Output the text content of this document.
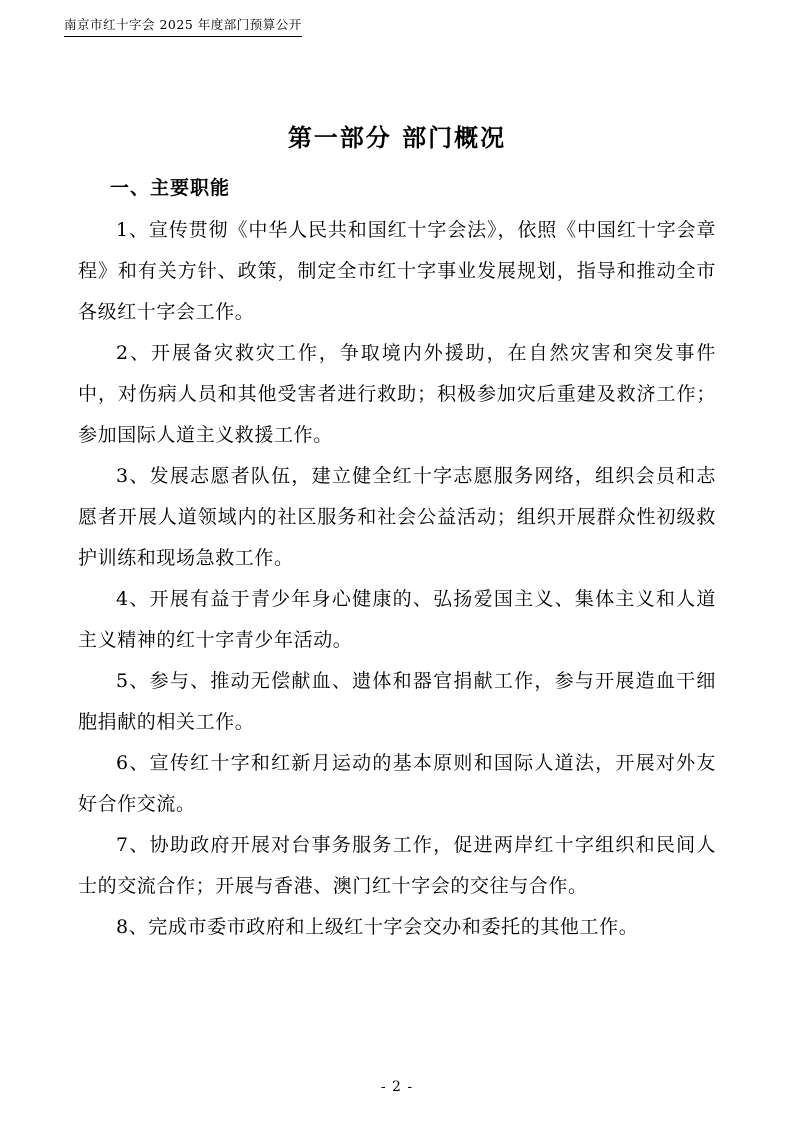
南京市红十字会 2025 年度部门预算公开
第一部分 部门概况
一、主要职能

1、宣传贯彻《中华人民共和国红十字会法》，依照《中国红十字会章程》和有关方针、政策，制定全市红十字事业发展规划，指导和推动全市各级红十字会工作。

2、开展备灾救灾工作，争取境内外援助，在自然灾害和突发事件中，对伤病人员和其他受害者进行救助；积极参加灾后重建及救济工作；参加国际人道主义救援工作。

3、发展志愿者队伍，建立健全红十字志愿服务网络，组织会员和志愿者开展人道领域内的社区服务和社会公益活动；组织开展群众性初级救护训练和现场急救工作。

4、开展有益于青少年身心健康的、弘扬爱国主义、集体主义和人道主义精神的红十字青少年活动。

5、参与、推动无偿献血、遗体和器官捐献工作，参与开展造血干细胞捐献的相关工作。

6、宣传红十字和红新月运动的基本原则和国际人道法，开展对外友好合作交流。

7、协助政府开展对台事务服务工作，促进两岸红十字组织和民间人士的交流合作；开展与香港、澳门红十字会的交往与合作。

8、完成市委市政府和上级红十字会交办和委托的其他工作。

- 2 -
